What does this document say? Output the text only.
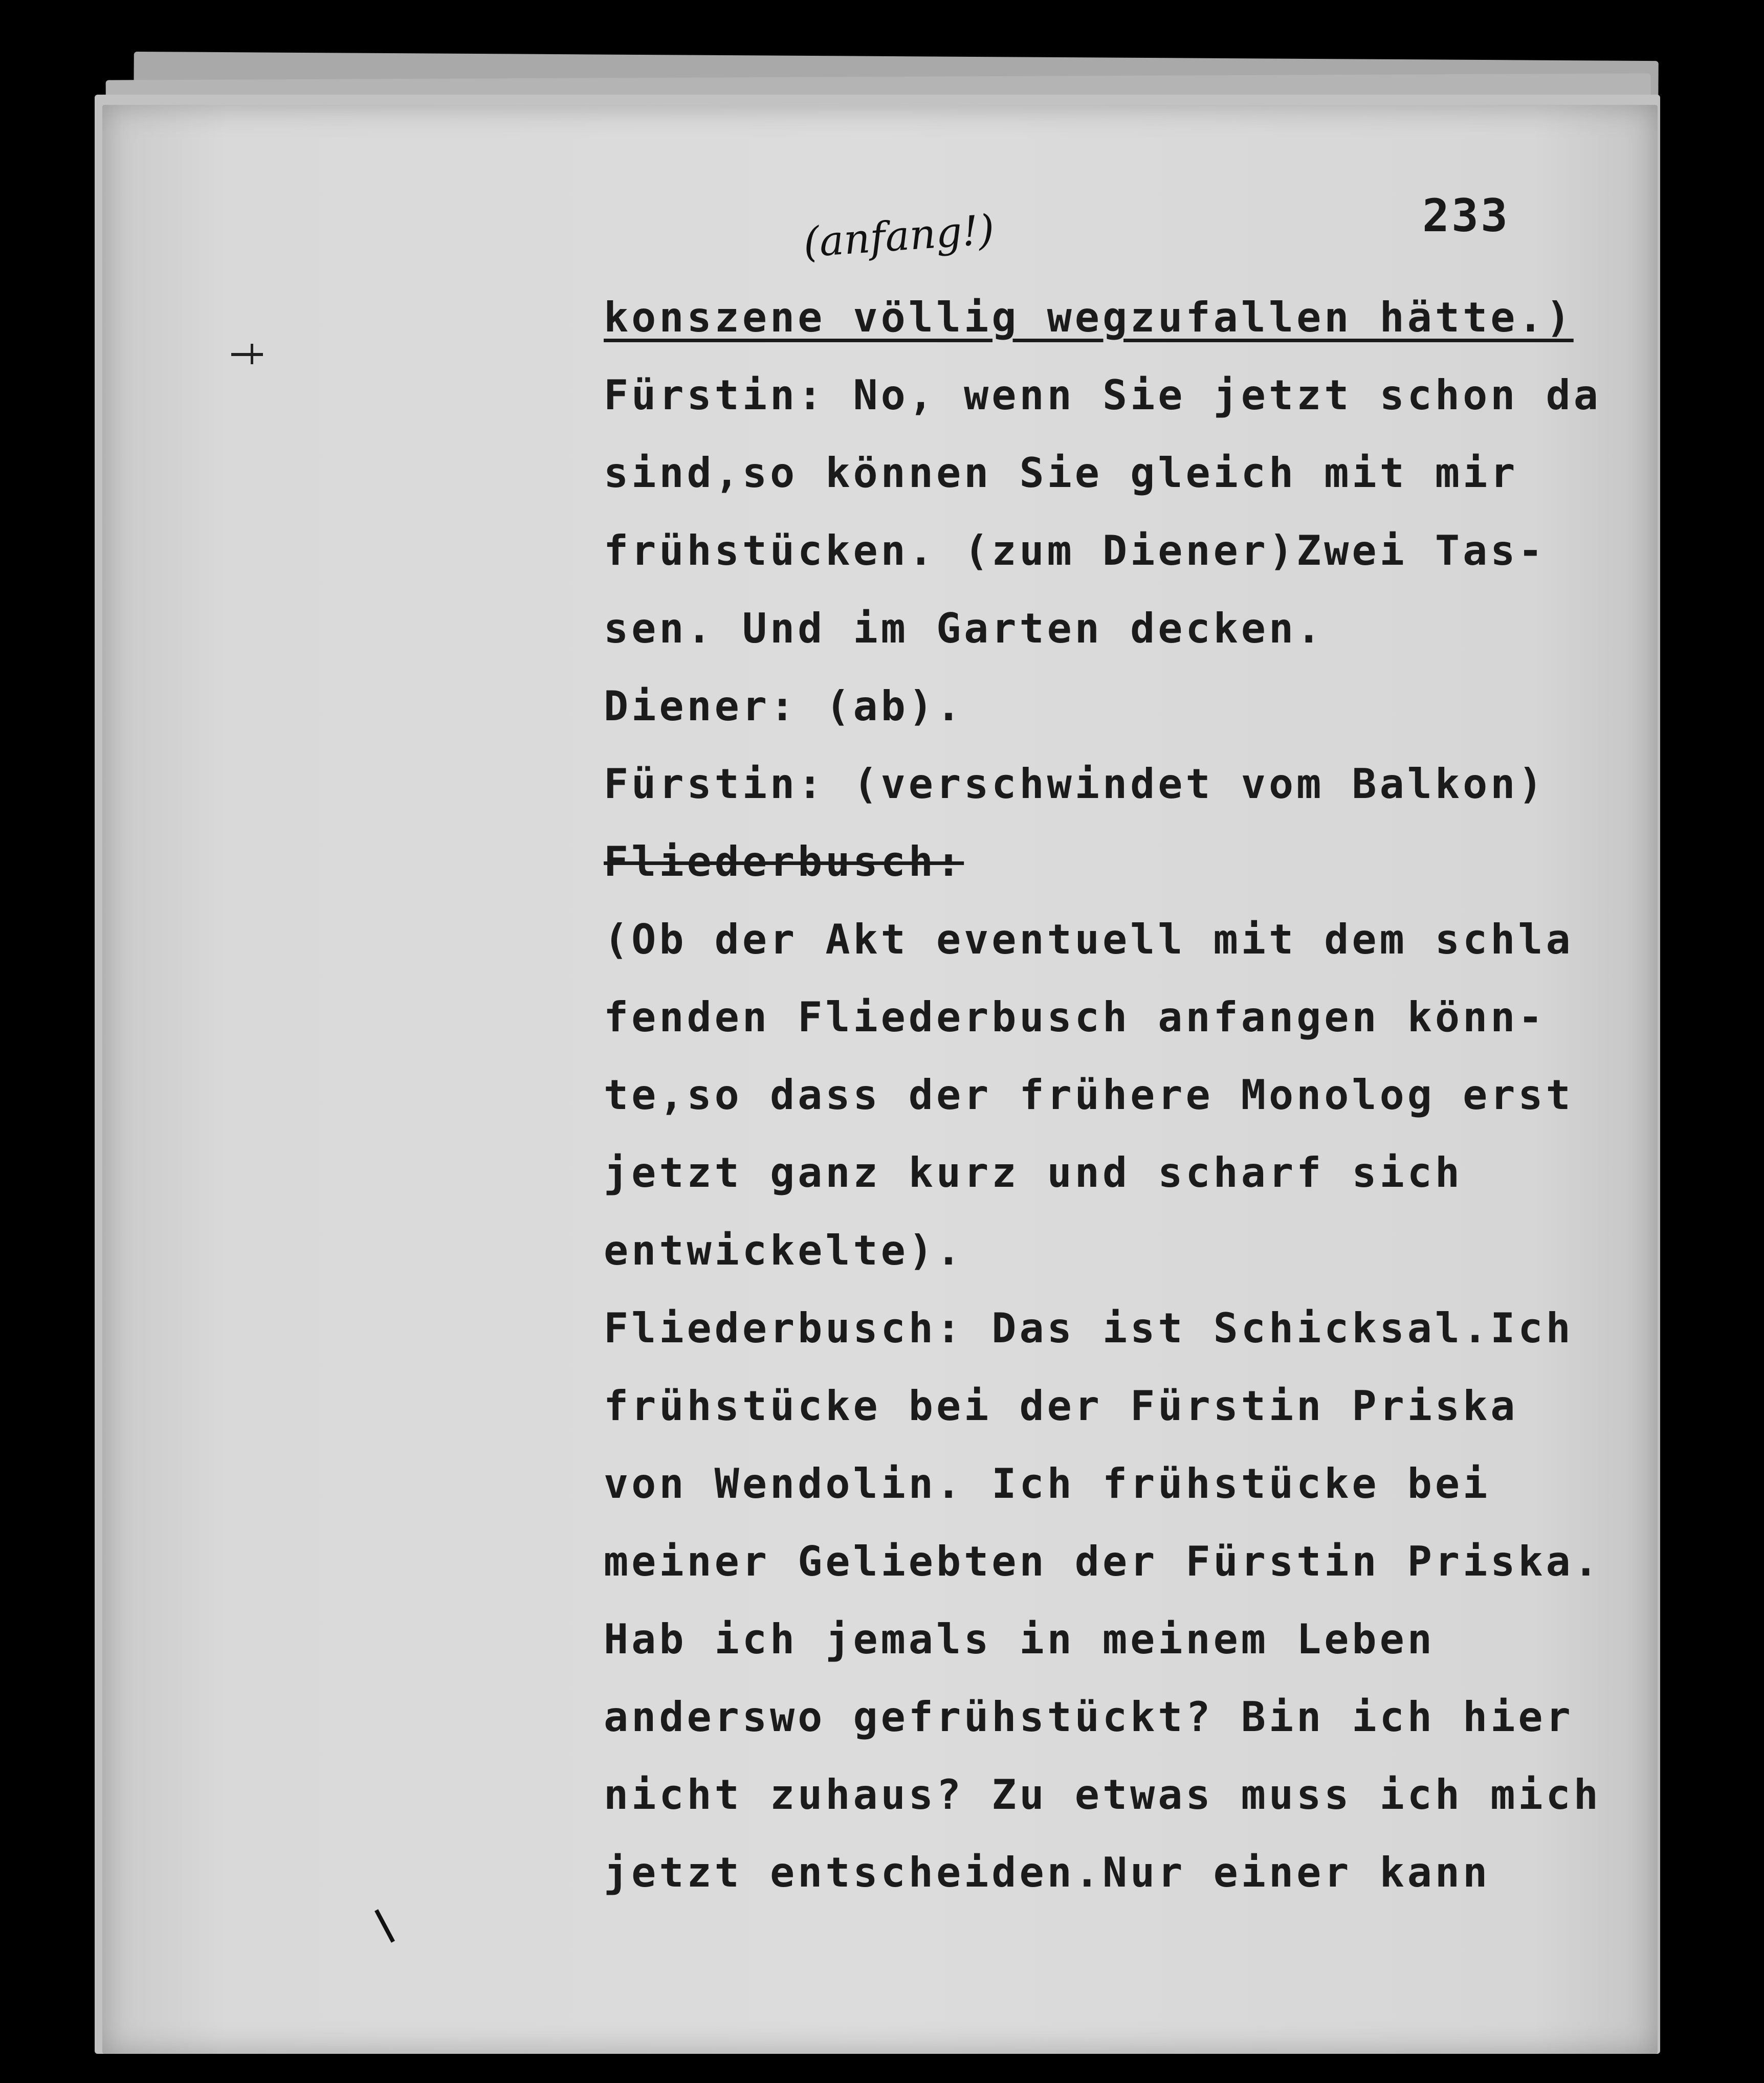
233
(anfang!)
konszene völlig wegzufallen hätte.)
Fürstin: No, wenn Sie jetzt schon da
sind,so können Sie gleich mit mir
frühstücken. (zum Diener)Zwei Tas-
sen. Und im Garten decken.
Diener: (ab).
Fürstin: (verschwindet vom Balkon)
Fliederbusch:
(Ob der Akt eventuell mit dem schla
fenden Fliederbusch anfangen könn-
te,so dass der frühere Monolog erst
jetzt ganz kurz und scharf sich
entwickelte).
Fliederbusch: Das ist Schicksal.Ich
frühstücke bei der Fürstin Priska
von Wendolin. Ich frühstücke bei
meiner Geliebten der Fürstin Priska.
Hab ich jemals in meinem Leben
anderswo gefrühstückt? Bin ich hier
nicht zuhaus? Zu etwas muss ich mich
jetzt entscheiden.Nur einer kann
